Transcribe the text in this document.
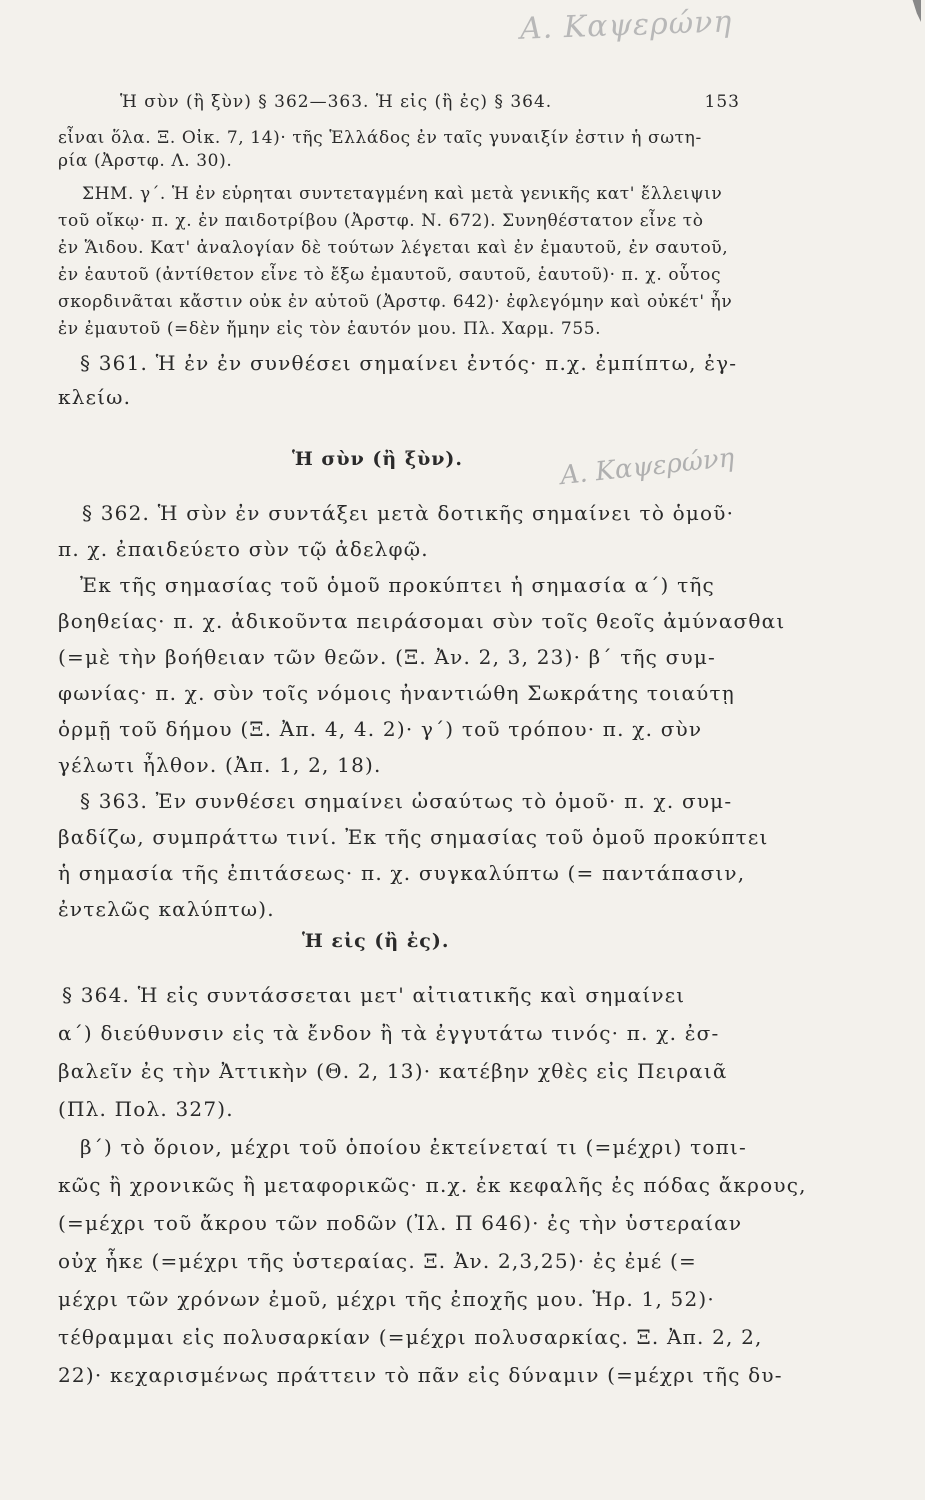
Α. Καψερώνη
Ἡ σὺν (ἢ ξὺν) § 362—363. Ἡ εἰς (ἢ ἐς) § 364.	153
εἶναι ὅλα. Ξ. Οἰκ. 7, 14)· τῆς Ἑλλάδος ἐν ταῖς γυναιξίν ἐστιν ἡ σωτη-
ρία (Ἀρστφ. Λ. 30).
ΣΗΜ. γ΄. Ἡ ἐν εὑρηται συντεταγμένη καὶ μετὰ γενικῆς κατ' ἔλλειψιν
τοῦ οἴκῳ· π. χ. ἐν παιδοτρίβου (Ἀρστφ. Ν. 672). Συνηθέστατον εἶνε τὸ
ἐν Ἅιδου. Κατ' ἀναλογίαν δὲ τούτων λέγεται καὶ ἐν ἐμαυτοῦ, ἐν σαυτοῦ,
ἐν ἑαυτοῦ (ἀντίθετον εἶνε τὸ ἔξω ἐμαυτοῦ, σαυτοῦ, ἑαυτοῦ)· π. χ. οὗτος
σκορδινᾶται κἄστιν οὐκ ἐν αὑτοῦ (Ἀρστφ. 642)· ἐφλεγόμην καὶ οὐκέτ' ἦν
ἐν ἐμαυτοῦ (=δὲν ἤμην εἰς τὸν ἑαυτόν μου. Πλ. Χαρμ. 755.
§ 361. Ἡ ἐν ἐν συνθέσει σημαίνει ἐντός· π.χ. ἐμπίπτω, ἐγ-
κλείω.
Ἡ σὺν (ἢ ξὺν).	Α. Καψερώνη
§ 362. Ἡ σὺν ἐν συντάξει μετὰ δοτικῆς σημαίνει τὸ ὁμοῦ·
π. χ. ἐπαιδεύετο σὺν τῷ ἀδελφῷ.
Ἐκ τῆς σημασίας τοῦ ὁμοῦ προκύπτει ἡ σημασία α΄) τῆς
βοηθείας· π. χ. ἀδικοῦντα πειράσομαι σὺν τοῖς θεοῖς ἀμύνασθαι
(=μὲ τὴν βοήθειαν τῶν θεῶν. (Ξ. Ἀν. 2, 3, 23)· β΄ τῆς συμ-
φωνίας· π. χ. σὺν τοῖς νόμοις ἠναντιώθη Σωκράτης τοιαύτῃ
ὁρμῇ τοῦ δήμου (Ξ. Ἀπ. 4, 4. 2)· γ΄) τοῦ τρόπου· π. χ. σὺν
γέλωτι ἦλθον. (Ἀπ. 1, 2, 18).
§ 363. Ἐν συνθέσει σημαίνει ὡσαύτως τὸ ὁμοῦ· π. χ. συμ-
βαδίζω, συμπράττω τινί. Ἐκ τῆς σημασίας τοῦ ὁμοῦ προκύπτει
ἡ σημασία τῆς ἐπιτάσεως· π. χ. συγκαλύπτω (= παντάπασιν,
ἐντελῶς καλύπτω).
Ἡ εἰς (ἢ ἐς).
§ 364. Ἡ εἰς συντάσσεται μετ' αἰτιατικῆς καὶ σημαίνει
α΄) διεύθυνσιν εἰς τὰ ἔνδον ἢ τὰ ἐγγυτάτω τινός· π. χ. ἐσ-
βαλεῖν ἐς τὴν Ἀττικὴν (Θ. 2, 13)· κατέβην χθὲς εἰς Πειραιᾶ
(Πλ. Πολ. 327).
β΄) τὸ ὅριον, μέχρι τοῦ ὁποίου ἐκτείνεταί τι (=μέχρι) τοπι-
κῶς ἢ χρονικῶς ἢ μεταφορικῶς· π.χ. ἐκ κεφαλῆς ἐς πόδας ἄκρους,
(=μέχρι τοῦ ἄκρου τῶν ποδῶν (Ἰλ. Π 646)· ἐς τὴν ὑστεραίαν
οὐχ ἧκε (=μέχρι τῆς ὑστεραίας. Ξ. Ἀν. 2,3,25)· ἐς ἐμέ (=
μέχρι τῶν χρόνων ἐμοῦ, μέχρι τῆς ἐποχῆς μου. Ἡρ. 1, 52)·
τέθραμμαι εἰς πολυσαρκίαν (=μέχρι πολυσαρκίας. Ξ. Ἀπ. 2, 2,
22)· κεχαρισμένως πράττειν τὸ πᾶν εἰς δύναμιν (=μέχρι τῆς δυ-
